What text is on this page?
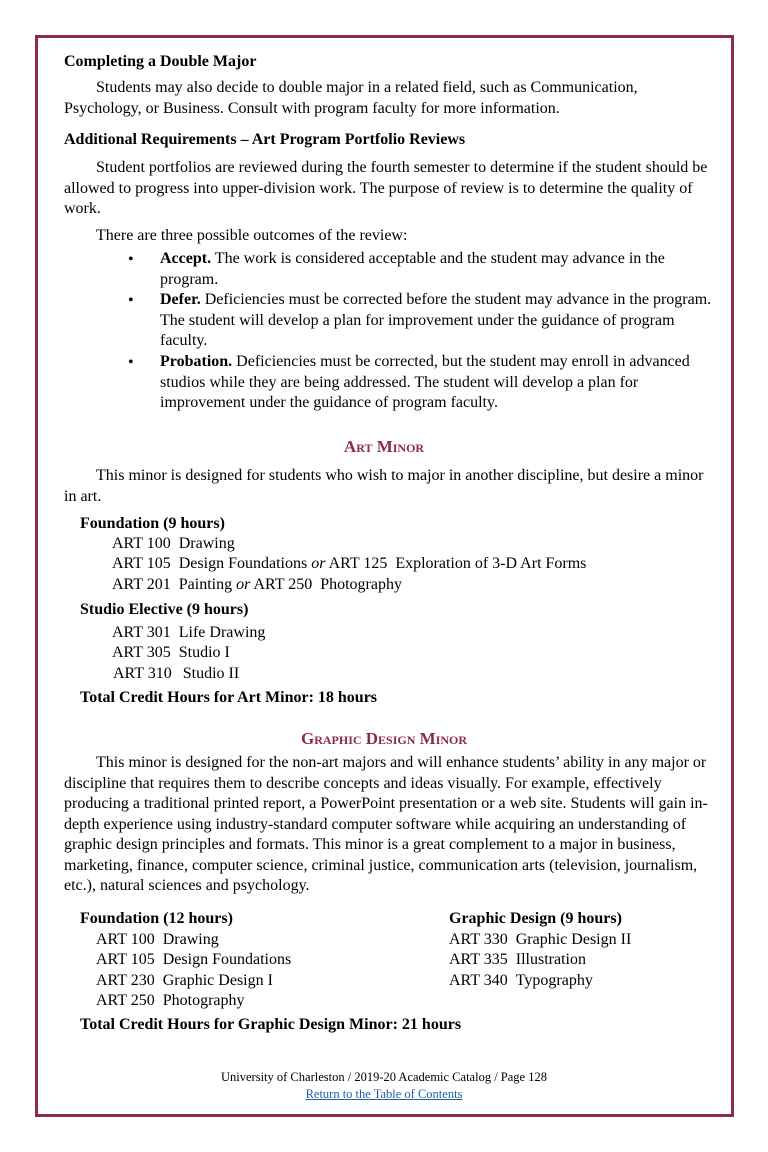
Completing a Double Major
Students may also decide to double major in a related field, such as Communication, Psychology, or Business. Consult with program faculty for more information.
Additional Requirements – Art Program Portfolio Reviews
Student portfolios are reviewed during the fourth semester to determine if the student should be allowed to progress into upper-division work. The purpose of review is to determine the quality of work.
There are three possible outcomes of the review:
• Accept. The work is considered acceptable and the student may advance in the program.
• Defer. Deficiencies must be corrected before the student may advance in the program. The student will develop a plan for improvement under the guidance of program faculty.
• Probation. Deficiencies must be corrected, but the student may enroll in advanced studios while they are being addressed. The student will develop a plan for improvement under the guidance of program faculty.
Art Minor
This minor is designed for students who wish to major in another discipline, but desire a minor in art.
Foundation (9 hours)
ART 100 Drawing
ART 105 Design Foundations or ART 125 Exploration of 3-D Art Forms
ART 201 Painting or ART 250 Photography
Studio Elective (9 hours)
ART 301 Life Drawing
ART 305 Studio I
ART 310 Studio II
Total Credit Hours for Art Minor: 18 hours
Graphic Design Minor
This minor is designed for the non-art majors and will enhance students’ ability in any major or discipline that requires them to describe concepts and ideas visually. For example, effectively producing a traditional printed report, a PowerPoint presentation or a web site. Students will gain in-depth experience using industry-standard computer software while acquiring an understanding of graphic design principles and formats. This minor is a great complement to a major in business, marketing, finance, computer science, criminal justice, communication arts (television, journalism, etc.), natural sciences and psychology.
Foundation (12 hours)
ART 100 Drawing
ART 105 Design Foundations
ART 230 Graphic Design I
ART 250 Photography
Graphic Design (9 hours)
ART 330 Graphic Design II
ART 335 Illustration
ART 340 Typography
Total Credit Hours for Graphic Design Minor: 21 hours
University of Charleston / 2019-20 Academic Catalog / Page 128
Return to the Table of Contents
